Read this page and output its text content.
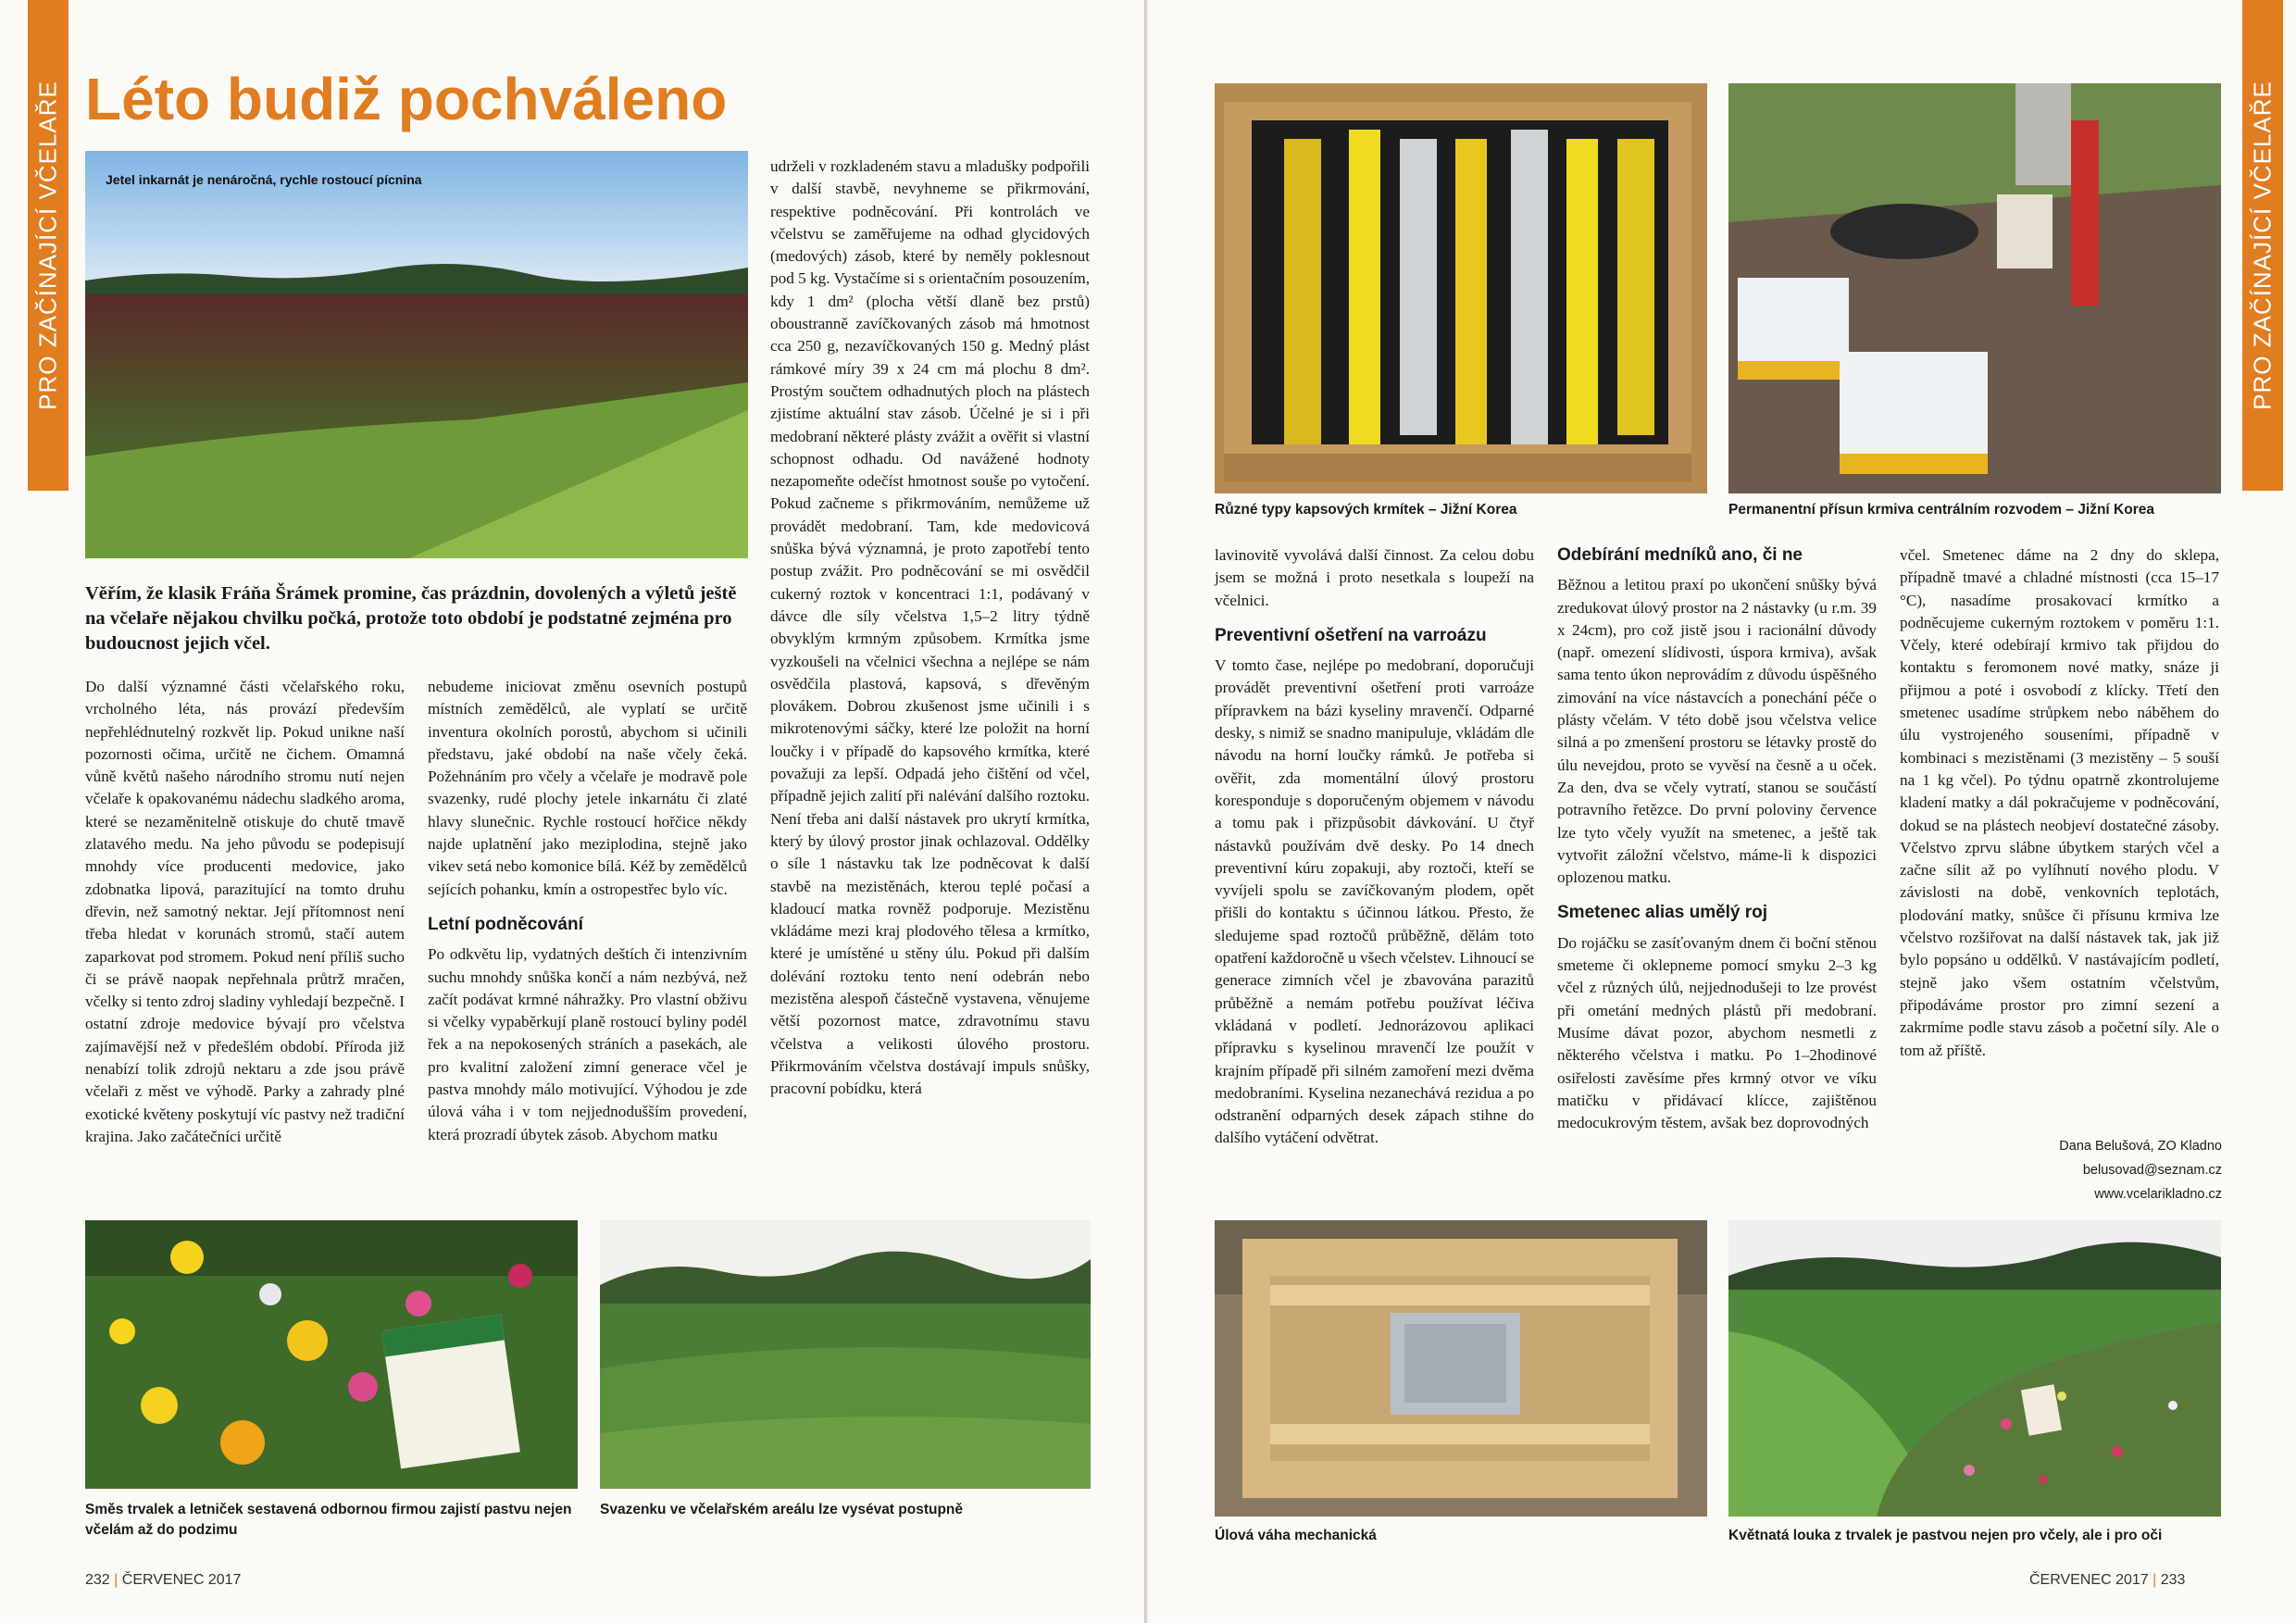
PRO ZAČÍNAJÍCÍ VČELAŘE Léto budiž pochváleno
Jetel inkarnát je nenáročná, rychle rostoucí pícnina
Věřím, že klasik Fráňa Šrámek promine, čas prázdnin, dovolených a výletů ještě na včelaře nějakou chvilku počká, protože toto období je podstatné zejména pro budoucnost jejich včel.

Do další významné části včelařského roku, vrcholného léta, nás provází především nepřehlédnutelný rozkvět lip. Pokud unikne naší pozornosti očima, určitě ne čichem. Omamná vůně květů našeho národního stromu nutí nejen včelaře k opakovanému nádechu sladkého aroma, které se nezaměnitelně otiskuje do chutě tmavě zlatavého medu. Na jeho původu se podepisují mnohdy více producenti medovice, jako zdobnatka lipová, parazitující na tomto druhu dřevin, než samotný nektar. Její přítomnost není třeba hledat v korunách stromů, stačí autem zaparkovat pod stromem. Pokud není příliš sucho či se právě naopak nepřehnala průtrž mračen, včelky si tento zdroj sladiny vyhledají bezpečně. I ostatní zdroje medovice bývají pro včelstva zajímavější než v předešlém období. Příroda již nenabízí tolik zdrojů nektaru a zde jsou právě včelaři z měst ve výhodě. Parky a zahrady plné exotické květeny poskytují víc pastvy než tradiční krajina. Jako začátečníci určitě

nebudeme iniciovat změnu osevních postupů místních zemědělců, ale vyplatí se určitě inventura okolních porostů, abychom si učinili představu, jaké období na naše včely čeká. Požehnáním pro včely a včelaře je modravě pole svazenky, rudé plochy jetele inkarnátu či zlaté hlavy slunečnic. Rychle rostoucí hořčice někdy najde uplatnění jako meziplodina, stejně jako vikev setá nebo komonice bílá. Kéž by zemědělců sejících pohanku, kmín a ostropestřec bylo víc.

Letní podněcování

Po odkvětu lip, vydatných deštích či intenzivním suchu mnohdy snůška končí a nám nezbývá, než začít podávat krmné náhražky. Pro vlastní obživu si včelky vypaběrkují planě rostoucí byliny podél řek a na nepokosených stráních a pasekách, ale pro kvalitní založení zimní generace včel je pastva mnohdy málo motivující. Výhodou je zde úlová váha i v tom nejjednodušším provedení, která prozradí úbytek zásob. Abychom matku

udrželi v rozkladeném stavu a mladušky podpořili v další stavbě, nevyhneme se přikrmování, respektive podněcování. Při kontrolách ve včelstvu se zaměřujeme na odhad glycidových (medových) zásob, které by neměly poklesnout pod 5 kg. Vystačíme si s orientačním posouzením, kdy 1 dm² (plocha větší dlaně bez prstů) oboustranně zavíčkovaných zásob má hmotnost cca 250 g, nezavíčkovaných 150 g. Medný plást rámkové míry 39 x 24 cm má plochu 8 dm². Prostým součtem odhadnutých ploch na plástech zjistíme aktuální stav zásob. Účelné je si i při medobraní některé plásty zvážit a ověřit si vlastní schopnost odhadu. Od navážené hodnoty nezapomeňte odečíst hmotnost souše po vytočení. Pokud začneme s přikrmováním, nemůžeme už provádět medobraní. Tam, kde medovicová snůška bývá významná, je proto zapotřebí tento postup zvážit. Pro podněcování se mi osvědčil cukerný roztok v koncentraci 1:1, podávaný v dávce dle síly včelstva 1,5–2 litry týdně obvyklým krmným způsobem. Krmítka jsme vyzkoušeli na včelnici všechna a nejlépe se nám osvědčila plastová, kapsová, s dřevěným plovákem. Dobrou zkušenost jsme učinili i s mikrotenovými sáčky, které lze položit na horní loučky i v případě do kapsového krmítka, které považuji za lepší. Odpadá jeho čištění od včel, případně jejich zalití při nalévání dalšího roztoku. Není třeba ani další nástavek pro ukrytí krmítka, který by úlový prostor jinak ochlazoval. Oddělky o síle 1 nástavku tak lze podněcovat k další stavbě na mezistěnách, kterou teplé počasí a kladoucí matka rovněž podporuje. Mezistěnu vkládáme mezi kraj plodového tělesa a krmítko, které je umístěné u stěny úlu. Pokud při dalším dolévání roztoku tento není odebrán nebo mezistěna alespoň částečně vystavena, věnujeme větší pozornost matce, zdravotnímu stavu včelstva a velikosti úlového prostoru. Přikrmováním včelstva dostávají impuls snůšky, pracovní pobídku, která

Směs trvalek a letniček sestavená odbornou firmou zajistí pastvu nejen včelám až do podzimu
Svazenku ve včelařském areálu lze vysévat postupně
232 | ČERVENEC 2017
PRO ZAČÍNAJÍCÍ VČELAŘE
Různé typy kapsových krmítek – Jižní Korea	Permanentní přísun krmiva centrálním rozvodem – Jižní Korea

lavinovitě vyvolává další činnost. Za celou dobu jsem se možná i proto nesetkala s loupeží na včelnici.

Preventivní ošetření na varroázu

V tomto čase, nejlépe po medobraní, doporučuji provádět preventivní ošetření proti varroáze přípravkem na bázi kyseliny mravenčí. Odparné desky, s nimiž se snadno manipuluje, vkládám dle návodu na horní loučky rámků. Je potřeba si ověřit, zda momentální úlový prostoru koresponduje s doporučeným objemem v návodu a tomu pak i přizpůsobit dávkování. U čtyř nástavků používám dvě desky. Po 14 dnech preventivní kúru zopakuji, aby roztoči, kteří se vyvíjeli spolu se zavíčkovaným plodem, opět přišli do kontaktu s účinnou látkou. Přesto, že sledujeme spad roztočů průběžně, dělám toto opatření každoročně u všech včelstev. Lihnoucí se generace zimních včel je zbavována parazitů průběžně a nemám potřebu používat léčiva vkládaná v podletí. Jednorázovou aplikaci přípravku s kyselinou mravenčí lze použít v krajním případě při silném zamoření mezi dvěma medobraními. Kyselina nezanechává rezidua a po odstranění odparných desek zápach stihne do dalšího vytáčení odvětrat.

Odebírání medníků ano, či ne

Běžnou a letitou praxí po ukončení snůšky bývá zredukovat úlový prostor na 2 nástavky (u r.m. 39 x 24cm), pro což jistě jsou i racionální důvody (např. omezení slídivosti, úspora krmiva), avšak sama tento úkon neprovádím z důvodu úspěšného zimování na více nástavcích a ponechání péče o plásty včelám. V této době jsou včelstva velice silná a po zmenšení prostoru se létavky prostě do úlu nevejdou, proto se vyvěsí na česně a u oček. Za den, dva se včely vytratí, stanou se součástí potravního řetězce. Do první poloviny července lze tyto včely využít na smetenec, a ještě tak vytvořit záložní včelstvo, máme-li k dispozici oplozenou matku.

Smetenec alias umělý roj

Do rojáčku se zasíťovaným dnem či boční stěnou smeteme či oklepneme pomocí smyku 2–3 kg včel z různých úlů, nejjednodušeji to lze provést při ometání medných plástů při medobraní. Musíme dávat pozor, abychom nesmetli z některého včelstva i matku. Po 1–2hodinové osiřelosti zavěsíme přes krmný otvor ve víku matičku v přidávací klícce, zajištěnou medocukrovým těstem, avšak bez doprovodných

včel. Smetenec dáme na 2 dny do sklepa, případně tmavé a chladné místnosti (cca 15–17 °C), nasadíme prosakovací krmítko a podněcujeme cukerným roztokem v poměru 1:1. Včely, které odebírají krmivo tak přijdou do kontaktu s feromonem nové matky, snáze ji přijmou a poté i osvobodí z klícky. Třetí den smetenec usadíme strůpkem nebo náběhem do úlu vystrojeného souseními, případně v kombinaci s mezistěnami (3 mezistěny – 5 souší na 1 kg včel). Po týdnu opatrně zkontrolujeme kladení matky a dál pokračujeme v podněcování, dokud se na plástech neobjeví dostatečné zásoby. Včelstvo zprvu slábne úbytkem starých včel a začne sílit až po vylíhnutí nového plodu. V závislosti na době, venkovních teplotách, plodování matky, snůšce či přísunu krmiva lze včelstvo rozšiřovat na další nástavek tak, jak již bylo popsáno u oddělků. V nastávajícím podletí, stejně jako všem ostatním včelstvům, připodáváme prostor pro zimní sezení a zakrmíme podle stavu zásob a početní síly. Ale o tom až příště.

Dana Belušová, ZO Kladno
belusovad@seznam.cz
www.vcelarikladno.cz
Úlová váha mechanická	Květnatá louka z trvalek je pastvou nejen pro včely, ale i pro oči
ČERVENEC 2017 | 233
